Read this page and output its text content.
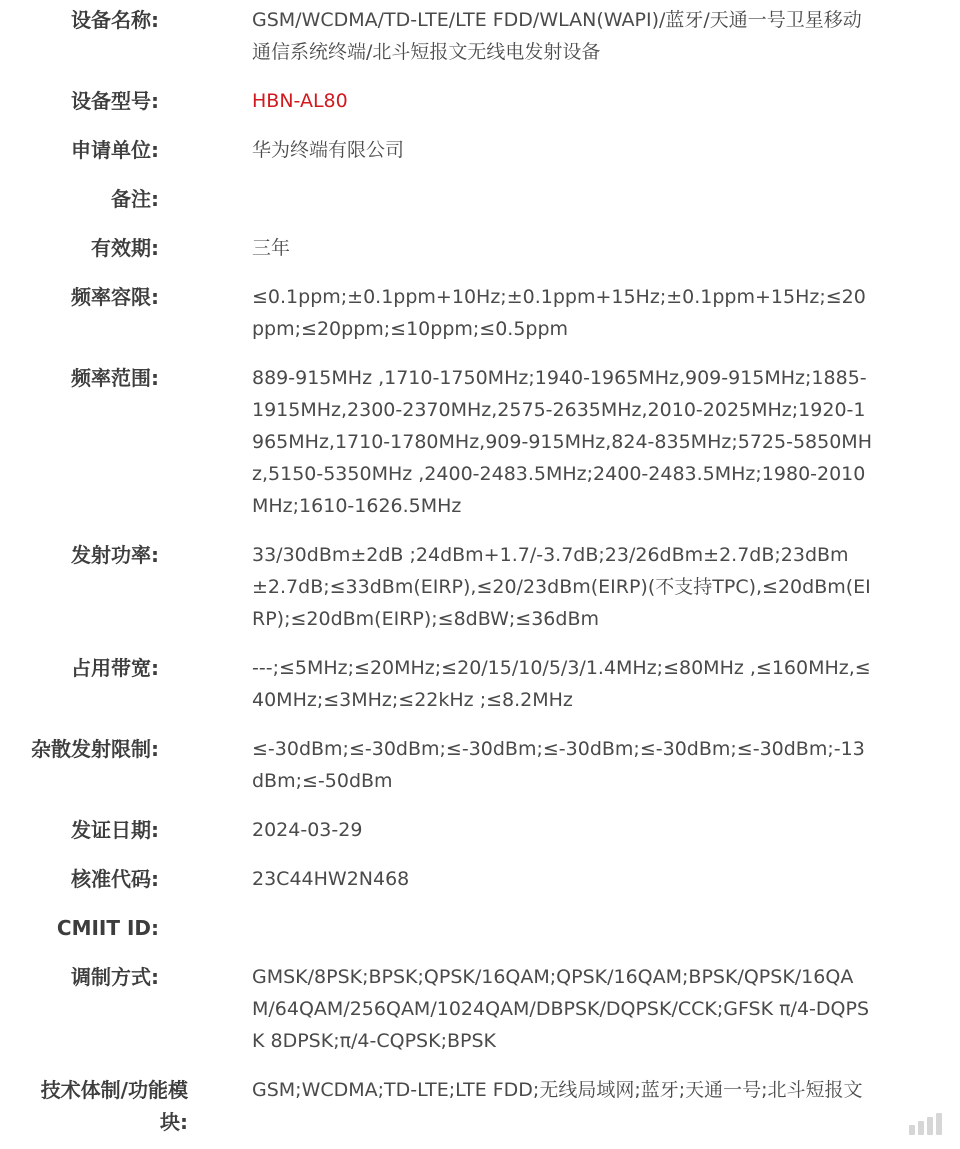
设备名称:	GSM/WCDMA/TD-LTE/LTE FDD/WLAN(WAPI)/蓝牙/天通一号卫星移动通信系统终端/北斗短报文无线电发射设备
设备型号:	HBN-AL80
申请单位:	华为终端有限公司
备注:
有效期:	三年
频率容限:	≤0.1ppm;±0.1ppm+10Hz;±0.1ppm+15Hz;±0.1ppm+15Hz;≤20ppm;≤20ppm;≤10ppm;≤0.5ppm
频率范围:	889-915MHz ,1710-1750MHz;1940-1965MHz,909-915MHz;1885-1915MHz,2300-2370MHz,2575-2635MHz,2010-2025MHz;1920-1965MHz,1710-1780MHz,909-915MHz,824-835MHz;5725-5850MHz,5150-5350MHz ,2400-2483.5MHz;2400-2483.5MHz;1980-2010MHz;1610-1626.5MHz
发射功率:	33/30dBm±2dB ;24dBm+1.7/-3.7dB;23/26dBm±2.7dB;23dBm±2.7dB;≤33dBm(EIRP),≤20/23dBm(EIRP)(不支持TPC),≤20dBm(EIRP);≤20dBm(EIRP);≤8dBW;≤36dBm
占用带宽:	---;≤5MHz;≤20MHz;≤20/15/10/5/3/1.4MHz;≤80MHz ,≤160MHz,≤40MHz;≤3MHz;≤22kHz ;≤8.2MHz
杂散发射限制:	≤-30dBm;≤-30dBm;≤-30dBm;≤-30dBm;≤-30dBm;≤-30dBm;-13dBm;≤-50dBm
发证日期:	2024-03-29
核准代码:	23C44HW2N468
CMIIT ID:
调制方式:	GMSK/8PSK;BPSK;QPSK/16QAM;QPSK/16QAM;BPSK/QPSK/16QAM/64QAM/256QAM/1024QAM/DBPSK/DQPSK/CCK;GFSK π/4-DQPSK 8DPSK;π/4-CQPSK;BPSK
技术体制/功能模块:
GSM;WCDMA;TD-LTE;LTE FDD;无线局域网;蓝牙;天通一号;北斗短报文
